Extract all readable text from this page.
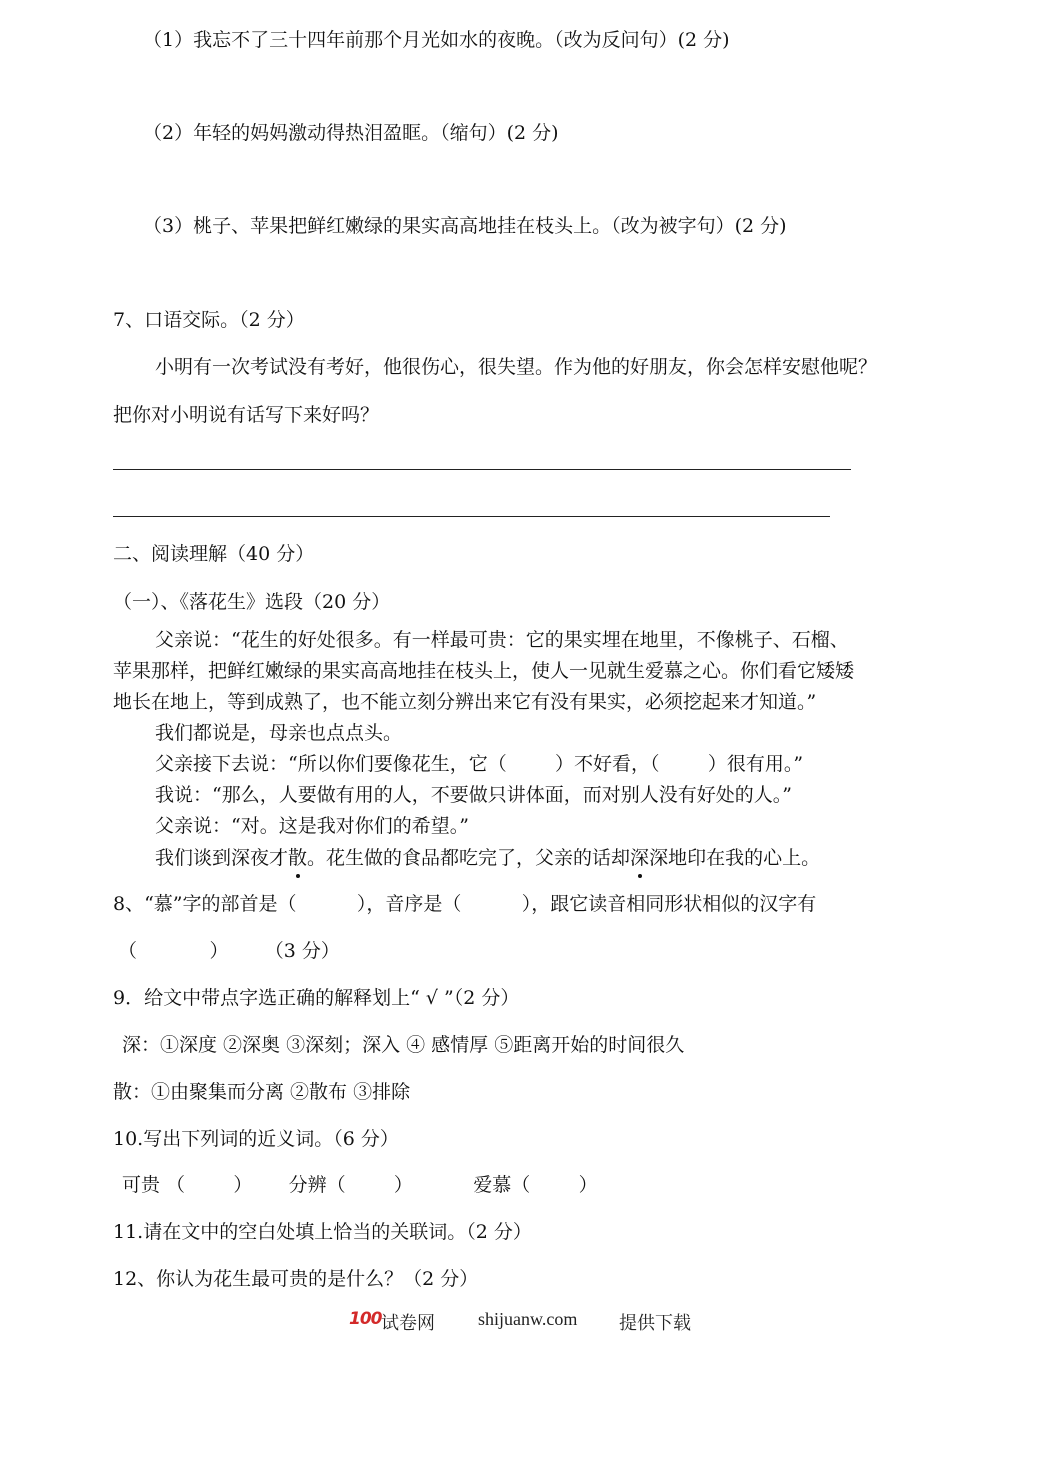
（1）我忘不了三十四年前那个月光如水的夜晚。（改为反问句）(2 分)

（2）年轻的妈妈激动得热泪盈眶。（缩句）(2 分)

（3）桃子、苹果把鲜红嫩绿的果实高高地挂在枝头上。（改为被字句）(2 分)

7、口语交际。（2 分）

小明有一次考试没有考好，他很伤心，很失望。作为他的好朋友，你会怎样安慰他呢？

把你对小明说有话写下来好吗？

二、阅读理解（40 分）

（一）、《落花生》选段（20 分）

父亲说：“花生的好处很多。有一样最可贵：它的果实埋在地里，不像桃子、石榴、

苹果那样，把鲜红嫩绿的果实高高地挂在枝头上，使人一见就生爱慕之心。你们看它矮矮

地长在地上，等到成熟了，也不能立刻分辨出来它有没有果实，必须挖起来才知道。”

我们都说是，母亲也点点头。

父亲接下去说：“所以你们要像花生，它（        ）不好看，（        ）很有用。”

我说：“那么，人要做有用的人，不要做只讲体面，而对别人没有好处的人。”

父亲说：“对。这是我对你们的希望。”

我们谈到深夜才散。花生做的食品都吃完了，父亲的话却深深地印在我的心上。

8、“慕”字的部首是（          ），音序是（          ），跟它读音相同形状相似的汉字有

（            ）      （3 分）

9．给文中带点字选正确的解释划上“ √ ”（2 分）

深：①深度 ②深奥 ③深刻；深入 ④ 感情厚 ⑤距离开始的时间很久

散：①由聚集而分离 ②散布 ③排除

10.写出下列词的近义词。（6 分）

可贵 （        ）      分辨（        ）          爱慕（        ）

11.请在文中的空白处填上恰当的关联词。（2 分）

12、你认为花生最可贵的是什么？（2 分）

100 试卷网 shijuanw.com 提供下载
